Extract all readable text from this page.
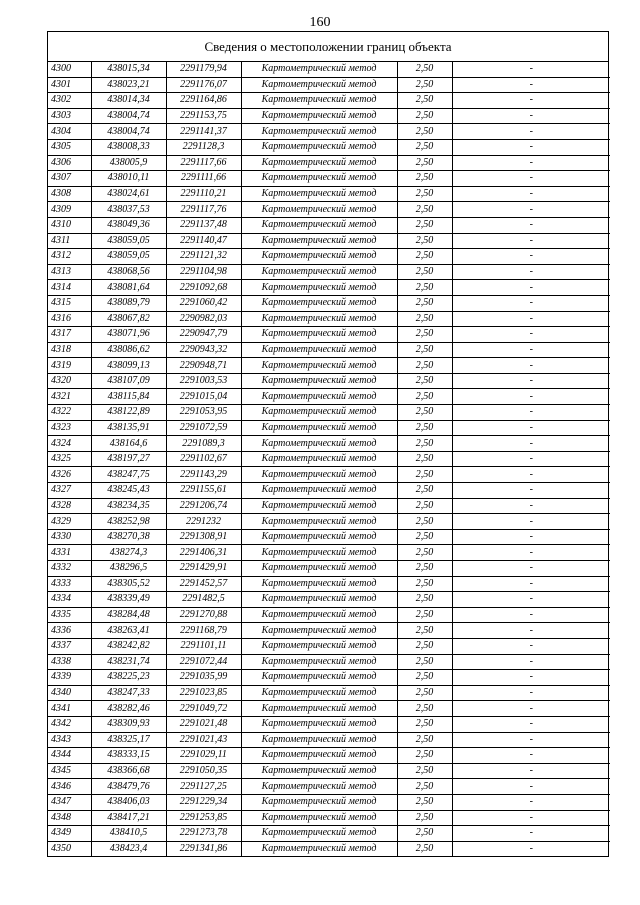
160
Сведения о местоположении границ объекта
4300	438015,34	2291179,94	Картометрический метод	2,50	-
4301	438023,21	2291176,07	Картометрический метод	2,50	-
4302	438014,34	2291164,86	Картометрический метод	2,50	-
4303	438004,74	2291153,75	Картометрический метод	2,50	-
4304	438004,74	2291141,37	Картометрический метод	2,50	-
4305	438008,33	2291128,3	Картометрический метод	2,50	-
4306	438005,9	2291117,66	Картометрический метод	2,50	-
4307	438010,11	2291111,66	Картометрический метод	2,50	-
4308	438024,61	2291110,21	Картометрический метод	2,50	-
4309	438037,53	2291117,76	Картометрический метод	2,50	-
4310	438049,36	2291137,48	Картометрический метод	2,50	-
4311	438059,05	2291140,47	Картометрический метод	2,50	-
4312	438059,05	2291121,32	Картометрический метод	2,50	-
4313	438068,56	2291104,98	Картометрический метод	2,50	-
4314	438081,64	2291092,68	Картометрический метод	2,50	-
4315	438089,79	2291060,42	Картометрический метод	2,50	-
4316	438067,82	2290982,03	Картометрический метод	2,50	-
4317	438071,96	2290947,79	Картометрический метод	2,50	-
4318	438086,62	2290943,32	Картометрический метод	2,50	-
4319	438099,13	2290948,71	Картометрический метод	2,50	-
4320	438107,09	2291003,53	Картометрический метод	2,50	-
4321	438115,84	2291015,04	Картометрический метод	2,50	-
4322	438122,89	2291053,95	Картометрический метод	2,50	-
4323	438135,91	2291072,59	Картометрический метод	2,50	-
4324	438164,6	2291089,3	Картометрический метод	2,50	-
4325	438197,27	2291102,67	Картометрический метод	2,50	-
4326	438247,75	2291143,29	Картометрический метод	2,50	-
4327	438245,43	2291155,61	Картометрический метод	2,50	-
4328	438234,35	2291206,74	Картометрический метод	2,50	-
4329	438252,98	2291232	Картометрический метод	2,50	-
4330	438270,38	2291308,91	Картометрический метод	2,50	-
4331	438274,3	2291406,31	Картометрический метод	2,50	-
4332	438296,5	2291429,91	Картометрический метод	2,50	-
4333	438305,52	2291452,57	Картометрический метод	2,50	-
4334	438339,49	2291482,5	Картометрический метод	2,50	-
4335	438284,48	2291270,88	Картометрический метод	2,50	-
4336	438263,41	2291168,79	Картометрический метод	2,50	-
4337	438242,82	2291101,11	Картометрический метод	2,50	-
4338	438231,74	2291072,44	Картометрический метод	2,50	-
4339	438225,23	2291035,99	Картометрический метод	2,50	-
4340	438247,33	2291023,85	Картометрический метод	2,50	-
4341	438282,46	2291049,72	Картометрический метод	2,50	-
4342	438309,93	2291021,48	Картометрический метод	2,50	-
4343	438325,17	2291021,43	Картометрический метод	2,50	-
4344	438333,15	2291029,11	Картометрический метод	2,50	-
4345	438366,68	2291050,35	Картометрический метод	2,50	-
4346	438479,76	2291127,25	Картометрический метод	2,50	-
4347	438406,03	2291229,34	Картометрический метод	2,50	-
4348	438417,21	2291253,85	Картометрический метод	2,50	-
4349	438410,5	2291273,78	Картометрический метод	2,50	-
4350	438423,4	2291341,86	Картометрический метод	2,50	-
